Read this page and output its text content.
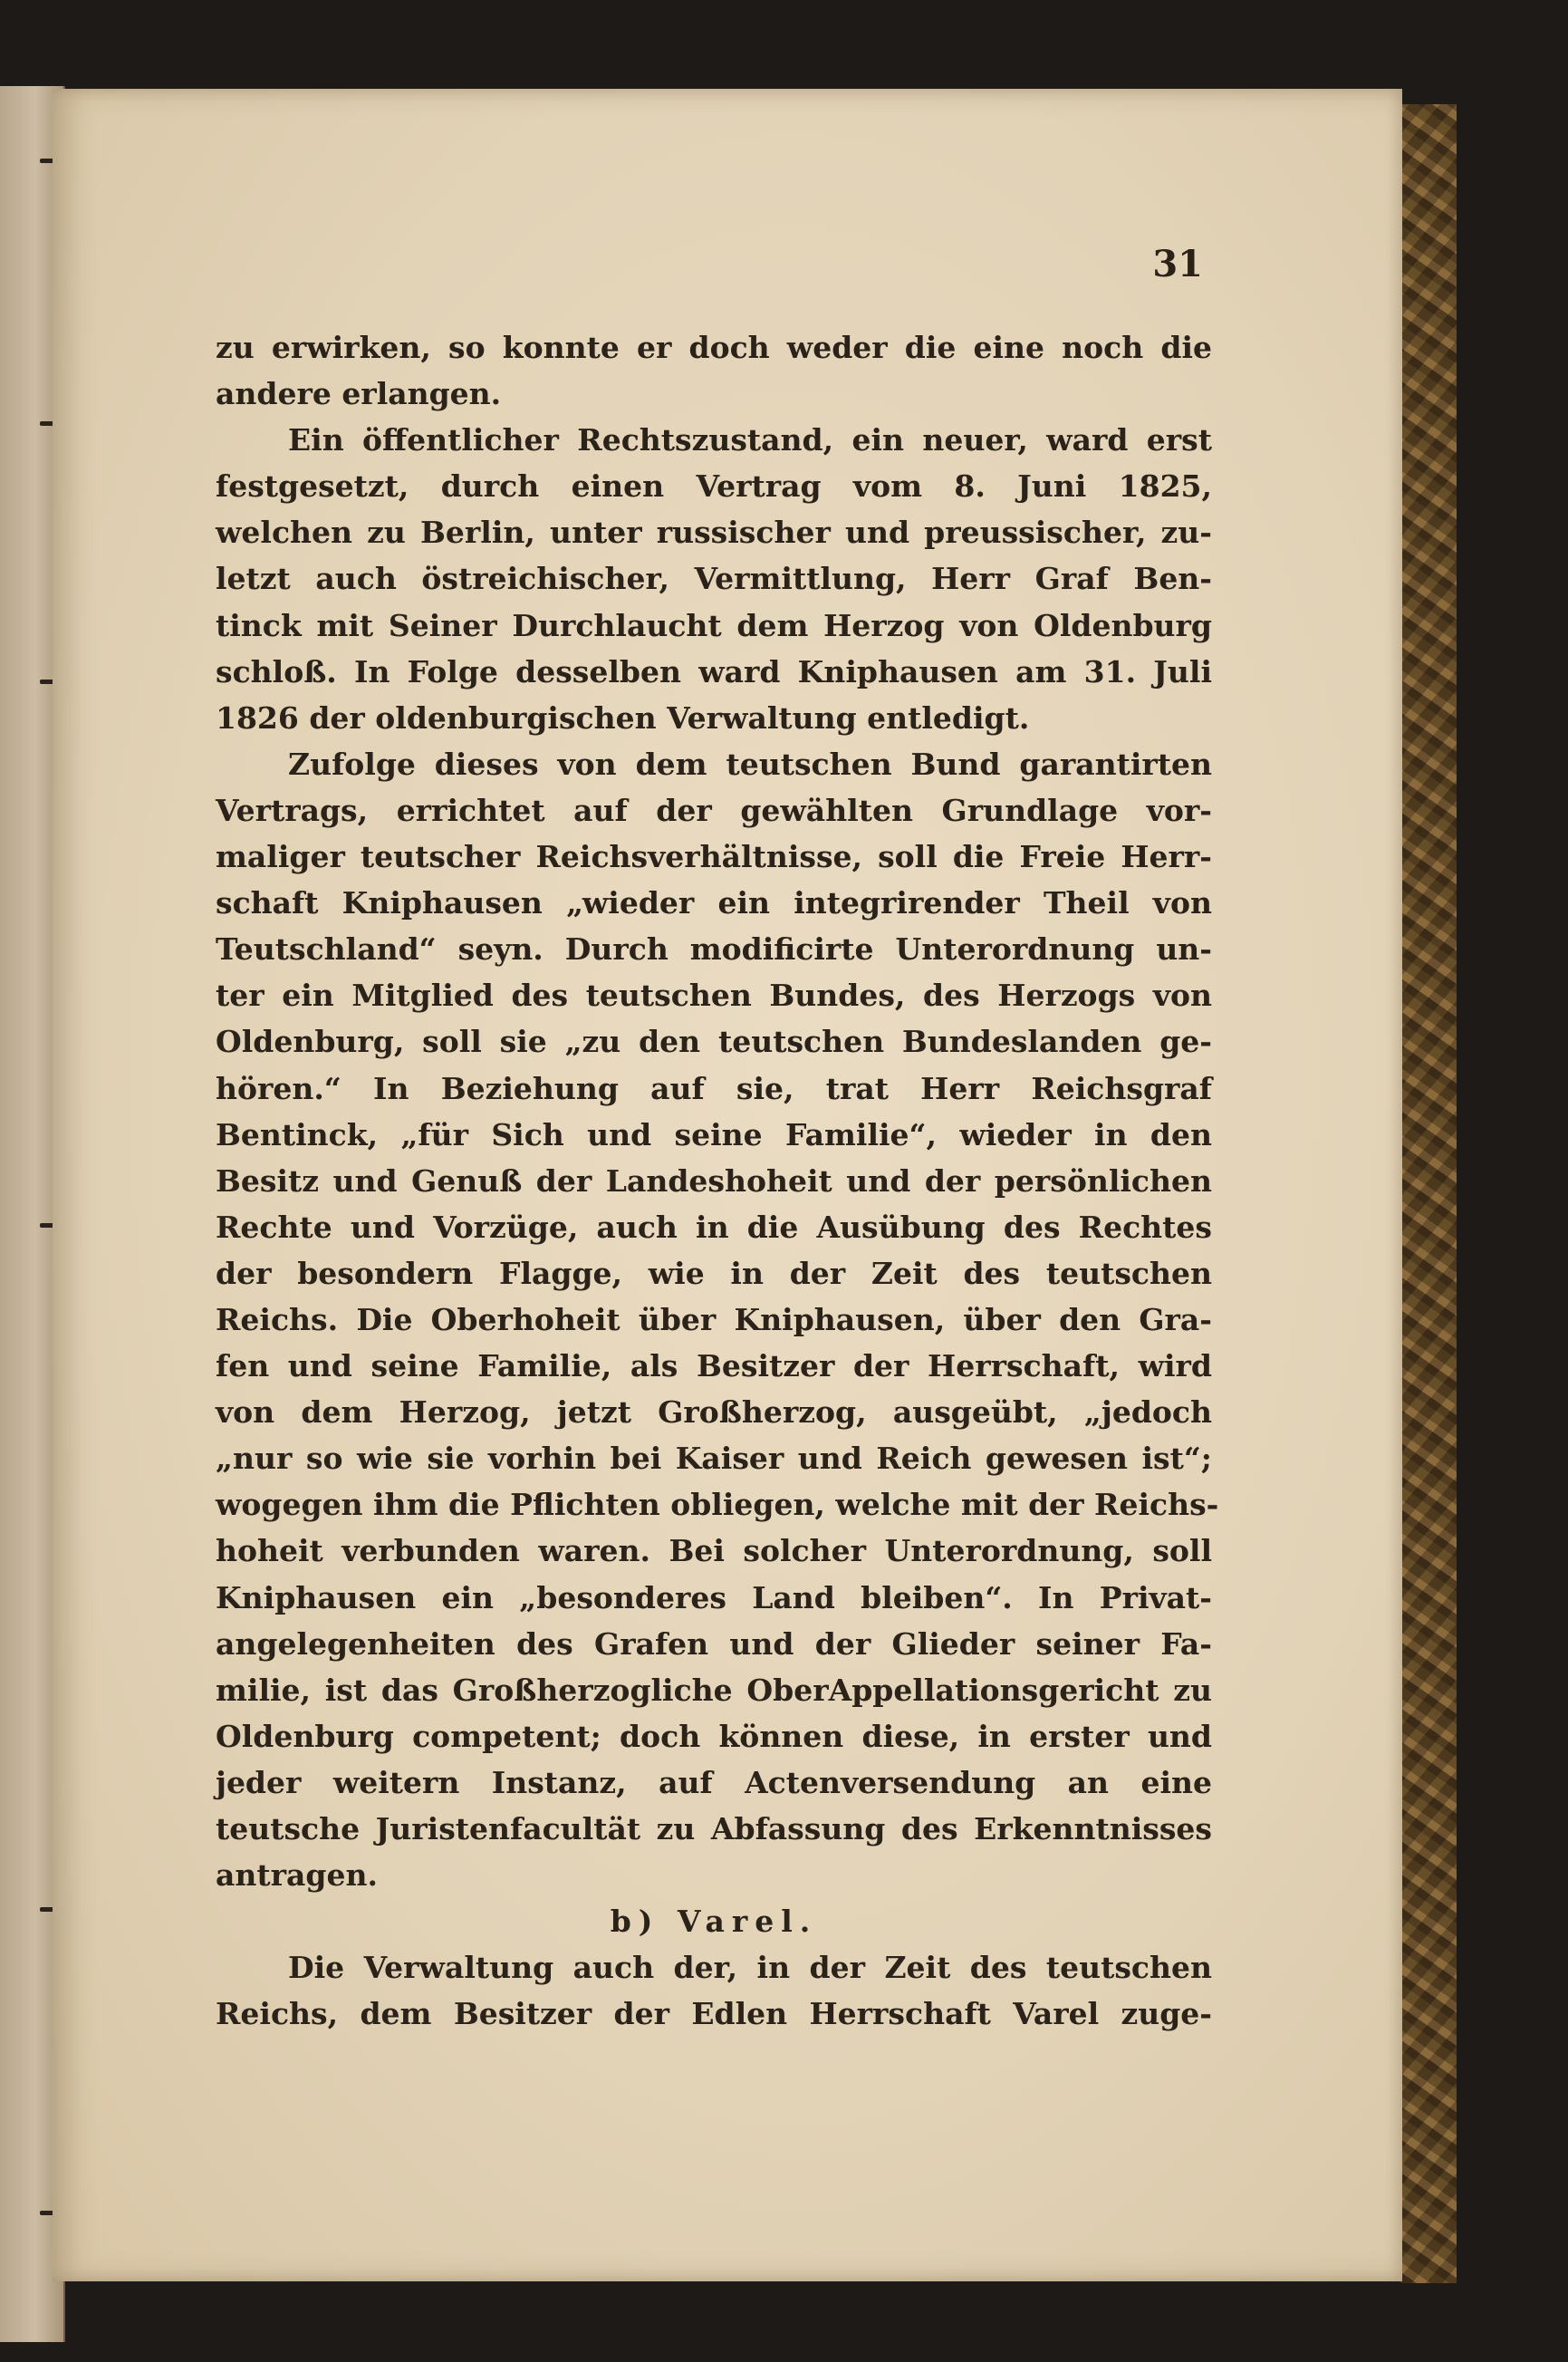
31
zu erwirken, so konnte er doch weder die eine noch die
andere erlangen.
Ein öffentlicher Rechtszustand, ein neuer, ward erst
festgesetzt, durch einen Vertrag vom 8. Juni 1825,
welchen zu Berlin, unter russischer und preussischer, zu-
letzt auch östreichischer, Vermittlung, Herr Graf Ben-
tinck mit Seiner Durchlaucht dem Herzog von Oldenburg
schloß. In Folge desselben ward Kniphausen am 31. Juli
1826 der oldenburgischen Verwaltung entledigt.
Zufolge dieses von dem teutschen Bund garantirten
Vertrags, errichtet auf der gewählten Grundlage vor-
maliger teutscher Reichsverhältnisse, soll die Freie Herr-
schaft Kniphausen „wieder ein integrirender Theil von
Teutschland“ seyn. Durch modificirte Unterordnung un-
ter ein Mitglied des teutschen Bundes, des Herzogs von
Oldenburg, soll sie „zu den teutschen Bundeslanden ge-
hören.“ In Beziehung auf sie, trat Herr Reichsgraf
Bentinck, „für Sich und seine Familie“, wieder in den
Besitz und Genuß der Landeshoheit und der persönlichen
Rechte und Vorzüge, auch in die Ausübung des Rechtes
der besondern Flagge, wie in der Zeit des teutschen
Reichs. Die Oberhoheit über Kniphausen, über den Gra-
fen und seine Familie, als Besitzer der Herrschaft, wird
von dem Herzog, jetzt Großherzog, ausgeübt, „jedoch
„nur so wie sie vorhin bei Kaiser und Reich gewesen ist“;
wogegen ihm die Pflichten obliegen, welche mit der Reichs-
hoheit verbunden waren. Bei solcher Unterordnung, soll
Kniphausen ein „besonderes Land bleiben“. In Privat-
angelegenheiten des Grafen und der Glieder seiner Fa-
milie, ist das Großherzogliche OberAppellationsgericht zu
Oldenburg competent; doch können diese, in erster und
jeder weitern Instanz, auf Actenversendung an eine
teutsche Juristenfacultät zu Abfassung des Erkenntnisses
antragen.
b) Varel.
Die Verwaltung auch der, in der Zeit des teutschen
Reichs, dem Besitzer der Edlen Herrschaft Varel zuge-
